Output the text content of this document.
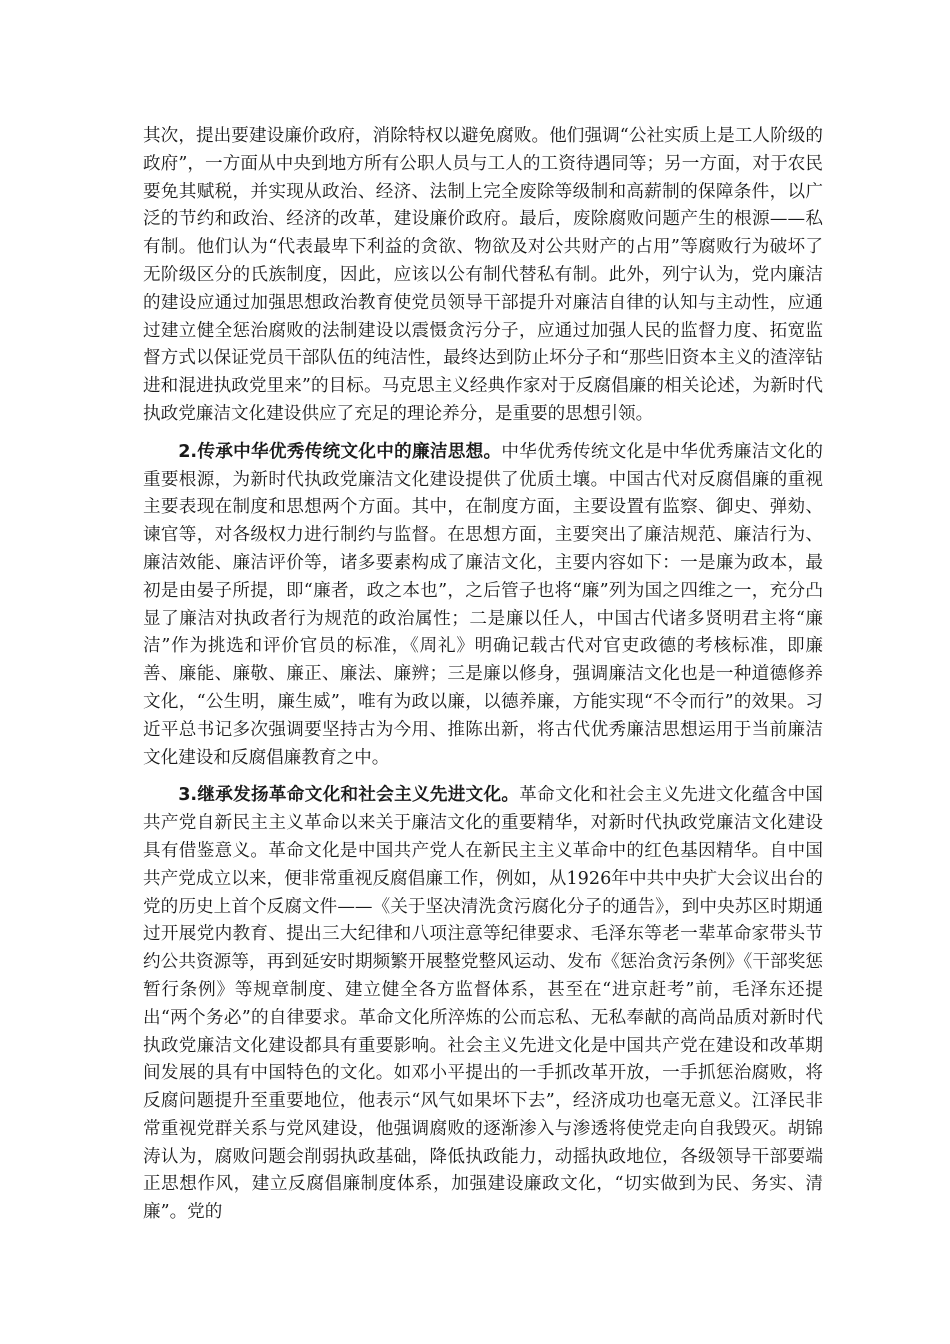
其次，提出要建设廉价政府，消除特权以避免腐败。他们强调“公社实质上是工人阶级的政府”，一方面从中央到地方所有公职人员与工人的工资待遇同等；另一方面，对于农民要免其赋税，并实现从政治、经济、法制上完全废除等级制和高薪制的保障条件，以广泛的节约和政治、经济的改革，建设廉价政府。最后，废除腐败问题产生的根源——私有制。他们认为“代表最卑下利益的贪欲、物欲及对公共财产的占用”等腐败行为破坏了无阶级区分的氏族制度，因此，应该以公有制代替私有制。此外，列宁认为，党内廉洁的建设应通过加强思想政治教育使党员领导干部提升对廉洁自律的认知与主动性，应通过建立健全惩治腐败的法制建设以震慑贪污分子，应通过加强人民的监督力度、拓宽监督方式以保证党员干部队伍的纯洁性，最终达到防止坏分子和“那些旧资本主义的渣滓钻进和混进执政党里来”的目标。马克思主义经典作家对于反腐倡廉的相关论述，为新时代执政党廉洁文化建设供应了充足的理论养分，是重要的思想引领。

2.传承中华优秀传统文化中的廉洁思想。中华优秀传统文化是中华优秀廉洁文化的重要根源，为新时代执政党廉洁文化建设提供了优质土壤。中国古代对反腐倡廉的重视主要表现在制度和思想两个方面。其中，在制度方面，主要设置有监察、御史、弹劾、谏官等，对各级权力进行制约与监督。在思想方面，主要突出了廉洁规范、廉洁行为、廉洁效能、廉洁评价等，诸多要素构成了廉洁文化，主要内容如下：一是廉为政本，最初是由晏子所提，即“廉者，政之本也”，之后管子也将“廉”列为国之四维之一，充分凸显了廉洁对执政者行为规范的政治属性；二是廉以任人，中国古代诸多贤明君主将“廉洁”作为挑选和评价官员的标准，《周礼》明确记载古代对官吏政德的考核标准，即廉善、廉能、廉敬、廉正、廉法、廉辨；三是廉以修身，强调廉洁文化也是一种道德修养文化，“公生明，廉生威”，唯有为政以廉，以德养廉，方能实现“不令而行”的效果。习近平总书记多次强调要坚持古为今用、推陈出新，将古代优秀廉洁思想运用于当前廉洁文化建设和反腐倡廉教育之中。

3.继承发扬革命文化和社会主义先进文化。革命文化和社会主义先进文化蕴含中国共产党自新民主主义革命以来关于廉洁文化的重要精华，对新时代执政党廉洁文化建设具有借鉴意义。革命文化是中国共产党人在新民主主义革命中的红色基因精华。自中国共产党成立以来，便非常重视反腐倡廉工作，例如，从1926年中共中央扩大会议出台的党的历史上首个反腐文件——《关于坚决清洗贪污腐化分子的通告》，到中央苏区时期通过开展党内教育、提出三大纪律和八项注意等纪律要求、毛泽东等老一辈革命家带头节约公共资源等，再到延安时期频繁开展整党整风运动、发布《惩治贪污条例》《干部奖惩暂行条例》等规章制度、建立健全各方监督体系，甚至在“进京赶考”前，毛泽东还提出“两个务必”的自律要求。革命文化所淬炼的公而忘私、无私奉献的高尚品质对新时代执政党廉洁文化建设都具有重要影响。社会主义先进文化是中国共产党在建设和改革期间发展的具有中国特色的文化。如邓小平提出的一手抓改革开放，一手抓惩治腐败，将反腐问题提升至重要地位，他表示“风气如果坏下去”，经济成功也毫无意义。江泽民非常重视党群关系与党风建设，他强调腐败的逐渐渗入与渗透将使党走向自我毁灭。胡锦涛认为，腐败问题会削弱执政基础，降低执政能力，动摇执政地位，各级领导干部要端正思想作风，建立反腐倡廉制度体系，加强建设廉政文化，“切实做到为民、务实、清廉”。党的
